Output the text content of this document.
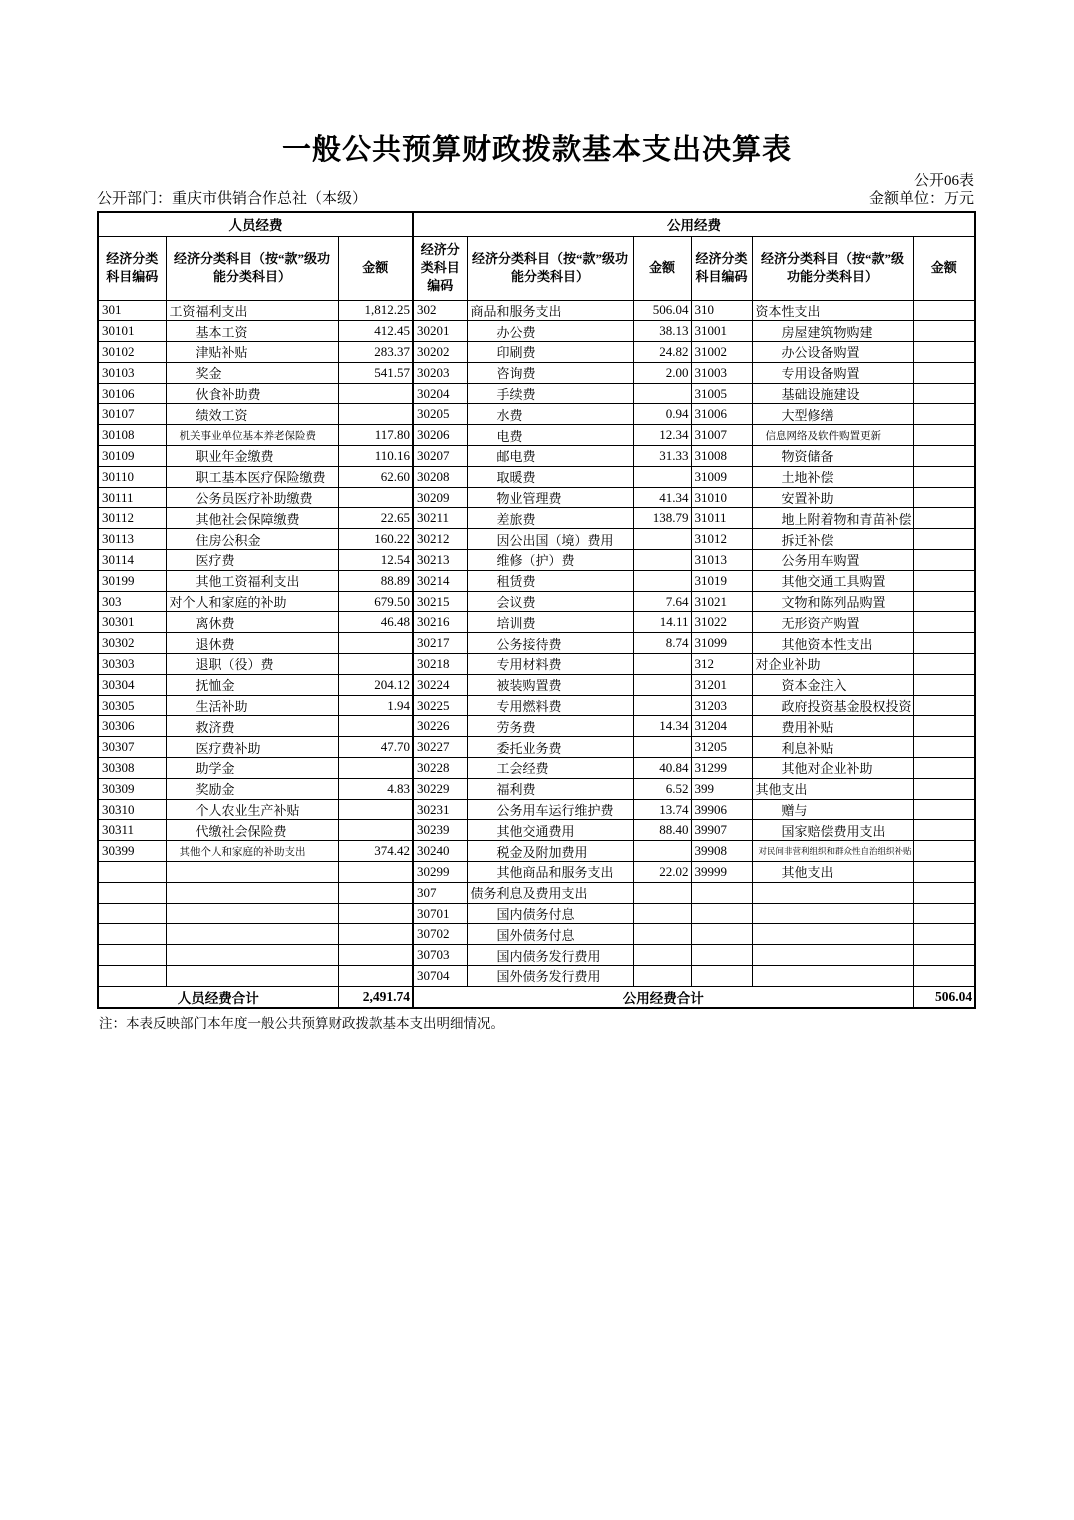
一般公共预算财政拨款基本支出决算表
公开06表
公开部门：重庆市供销合作总社（本级）	金额单位：万元
人员经费			公用经费					
经济分类科目编码	经济分类科目（按“款”级功能分类科目）	金额	经济分类科目编码	经济分类科目（按“款”级功能分类科目）	金额	经济分类科目编码	经济分类科目（按“款”级功能分类科目）	金额
301	工资福利支出	1,812.25	302	商品和服务支出	506.04	310	资本性支出	
30101	基本工资	412.45	30201	办公费	38.13	31001	房屋建筑物购建	
30102	津贴补贴	283.37	30202	印刷费	24.82	31002	办公设备购置	
30103	奖金	541.57	30203	咨询费	2.00	31003	专用设备购置	
30106	伙食补助费		30204	手续费		31005	基础设施建设	
30107	绩效工资		30205	水费	0.94	31006	大型修缮	
30108	机关事业单位基本养老保险费	117.80	30206	电费	12.34	31007	信息网络及软件购置更新	
30109	职业年金缴费	110.16	30207	邮电费	31.33	31008	物资储备	
30110	职工基本医疗保险缴费	62.60	30208	取暖费		31009	土地补偿	
30111	公务员医疗补助缴费		30209	物业管理费	41.34	31010	安置补助	
30112	其他社会保障缴费	22.65	30211	差旅费	138.79	31011	地上附着物和青苗补偿	
30113	住房公积金	160.22	30212	因公出国（境）费用		31012	拆迁补偿	
30114	医疗费	12.54	30213	维修（护）费		31013	公务用车购置	
30199	其他工资福利支出	88.89	30214	租赁费		31019	其他交通工具购置	
303	对个人和家庭的补助	679.50	30215	会议费	7.64	31021	文物和陈列品购置	
30301	离休费	46.48	30216	培训费	14.11	31022	无形资产购置	
30302	退休费		30217	公务接待费	8.74	31099	其他资本性支出	
30303	退职（役）费		30218	专用材料费		312	对企业补助	
30304	抚恤金	204.12	30224	被装购置费		31201	资本金注入	
30305	生活补助	1.94	30225	专用燃料费		31203	政府投资基金股权投资	
30306	救济费		30226	劳务费	14.34	31204	费用补贴	
30307	医疗费补助	47.70	30227	委托业务费		31205	利息补贴	
30308	助学金		30228	工会经费	40.84	31299	其他对企业补助	
30309	奖励金	4.83	30229	福利费	6.52	399	其他支出	
30310	个人农业生产补贴		30231	公务用车运行维护费	13.74	39906	赠与	
30311	代缴社会保险费		30239	其他交通费用	88.40	39907	国家赔偿费用支出	
30399	其他个人和家庭的补助支出	374.42	30240	税金及附加费用		39908	对民间非营利组织和群众性自治组织补贴	
			30299	其他商品和服务支出	22.02	39999	其他支出	
			307	债务利息及费用支出				
			30701	国内债务付息				
			30702	国外债务付息				
			30703	国内债务发行费用				
			30704	国外债务发行费用				
人员经费合计		2,491.74	公用经费合计					506.04
注：本表反映部门本年度一般公共预算财政拨款基本支出明细情况。
